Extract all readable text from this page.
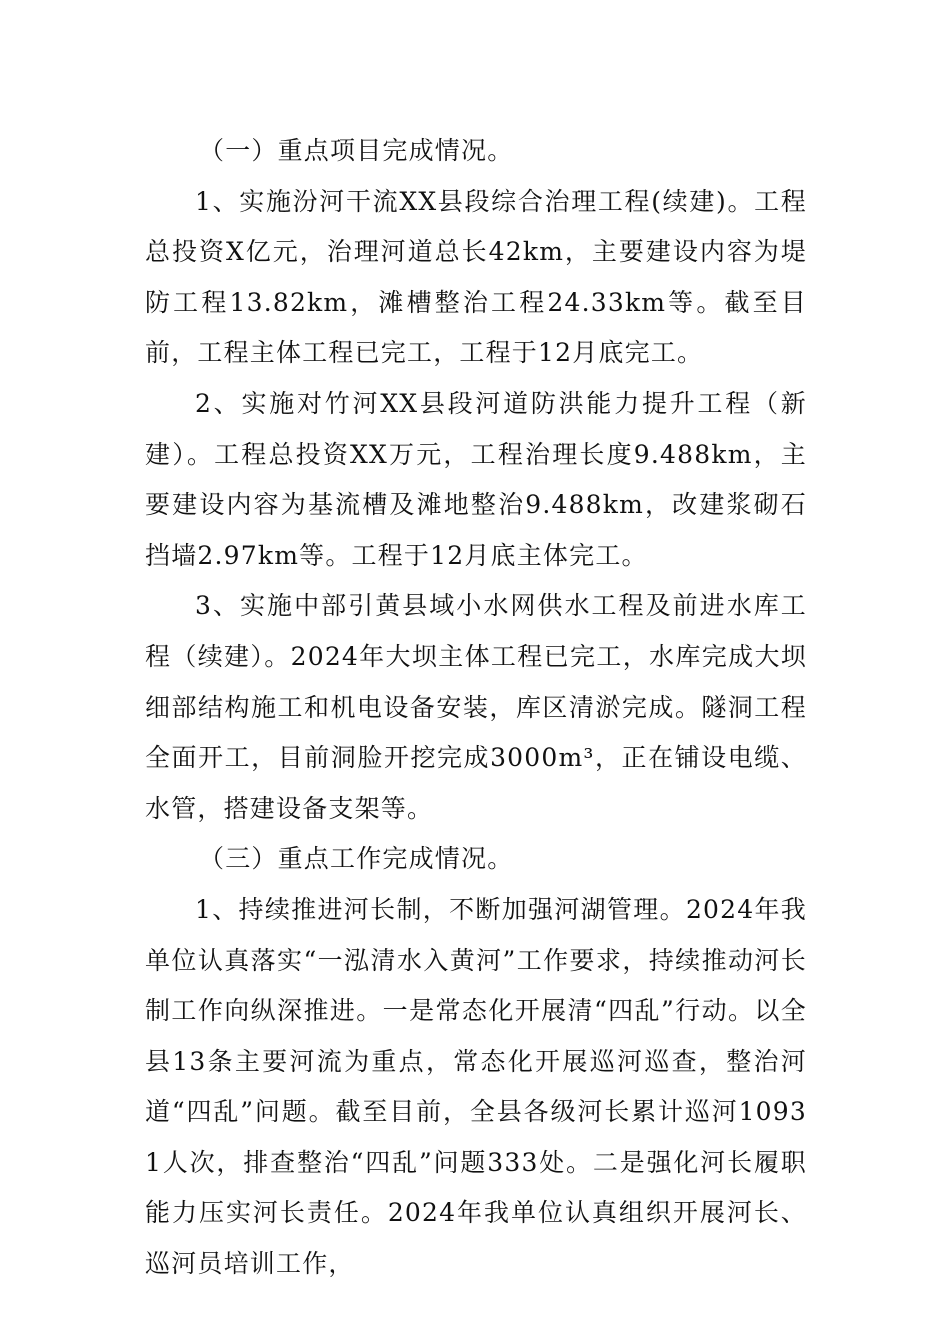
（一）重点项目完成情况。

1、实施汾河干流XX县段综合治理工程(续建)。工程总投资X亿元，治理河道总长42km，主要建设内容为堤防工程13.82km，滩槽整治工程24.33km等。截至目前，工程主体工程已完工，工程于12月底完工。

2、实施对竹河XX县段河道防洪能力提升工程（新建）。工程总投资XX万元，工程治理长度9.488km，主要建设内容为基流槽及滩地整治9.488km，改建浆砌石挡墙2.97km等。工程于12月底主体完工。

3、实施中部引黄县域小水网供水工程及前进水库工程（续建）。2024年大坝主体工程已完工，水库完成大坝细部结构施工和机电设备安装，库区清淤完成。隧洞工程全面开工，目前洞脸开挖完成3000m³，正在铺设电缆、水管，搭建设备支架等。

（三）重点工作完成情况。

1、持续推进河长制，不断加强河湖管理。2024年我单位认真落实“一泓清水入黄河”工作要求，持续推动河长制工作向纵深推进。一是常态化开展清“四乱”行动。以全县13条主要河流为重点，常态化开展巡河巡查，整治河道“四乱”问题。截至目前，全县各级河长累计巡河10931人次，排查整治“四乱”问题333处。二是强化河长履职能力压实河长责任。2024年我单位认真组织开展河长、巡河员培训工作，
